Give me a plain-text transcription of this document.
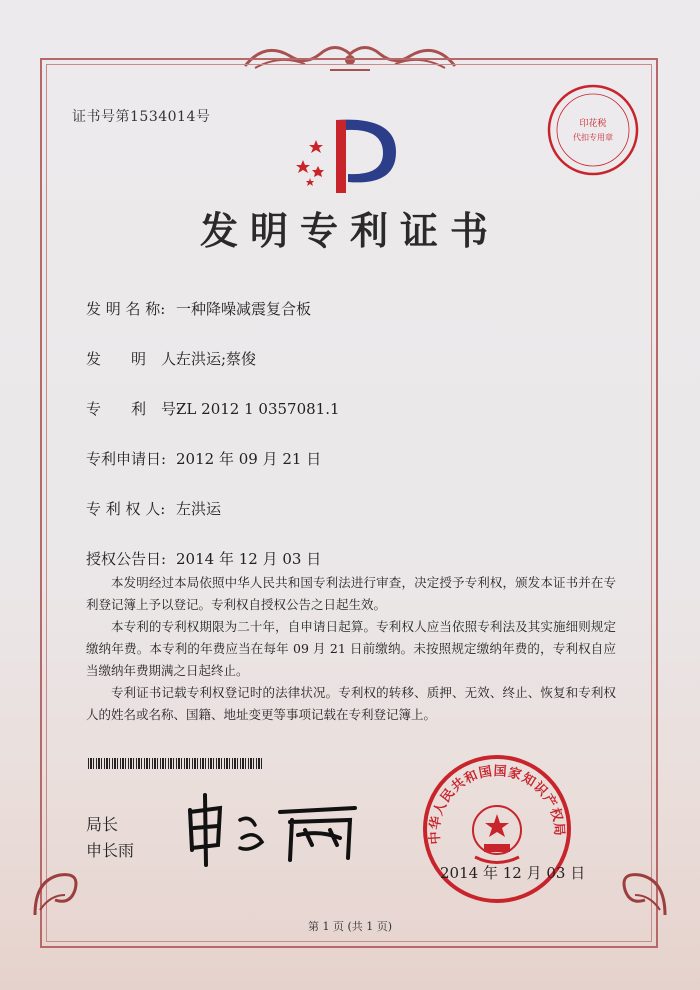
证书号第1534014号	印花税
代扣专用章
发明专利证书
发 明 名 称: 一种降噪减震复合板
发　　明　人:左洪运;蔡俊
专　　利　号:ZL 2012 1 0357081.1
专利申请日: 2012 年 09 月 21 日
专 利 权 人: 左洪运
授权公告日: 2014 年 12 月 03 日

本发明经过本局依照中华人民共和国专利法进行审查，决定授予专利权，颁发本证书并在专利登记簿上予以登记。专利权自授权公告之日起生效。

本专利的专利权期限为二十年，自申请日起算。专利权人应当依照专利法及其实施细则规定缴纳年费。本专利的年费应当在每年 09 月 21 日前缴纳。未按照规定缴纳年费的，专利权自应当缴纳年费期满之日起终止。

专利证书记载专利权登记时的法律状况。专利权的转移、质押、无效、终止、恢复和专利权人的姓名或名称、国籍、地址变更等事项记载在专利登记簿上。

局长
申长雨
中华人民共和国国家知识产权局
2014 年 12 月 03 日
第 1 页 (共 1 页)
